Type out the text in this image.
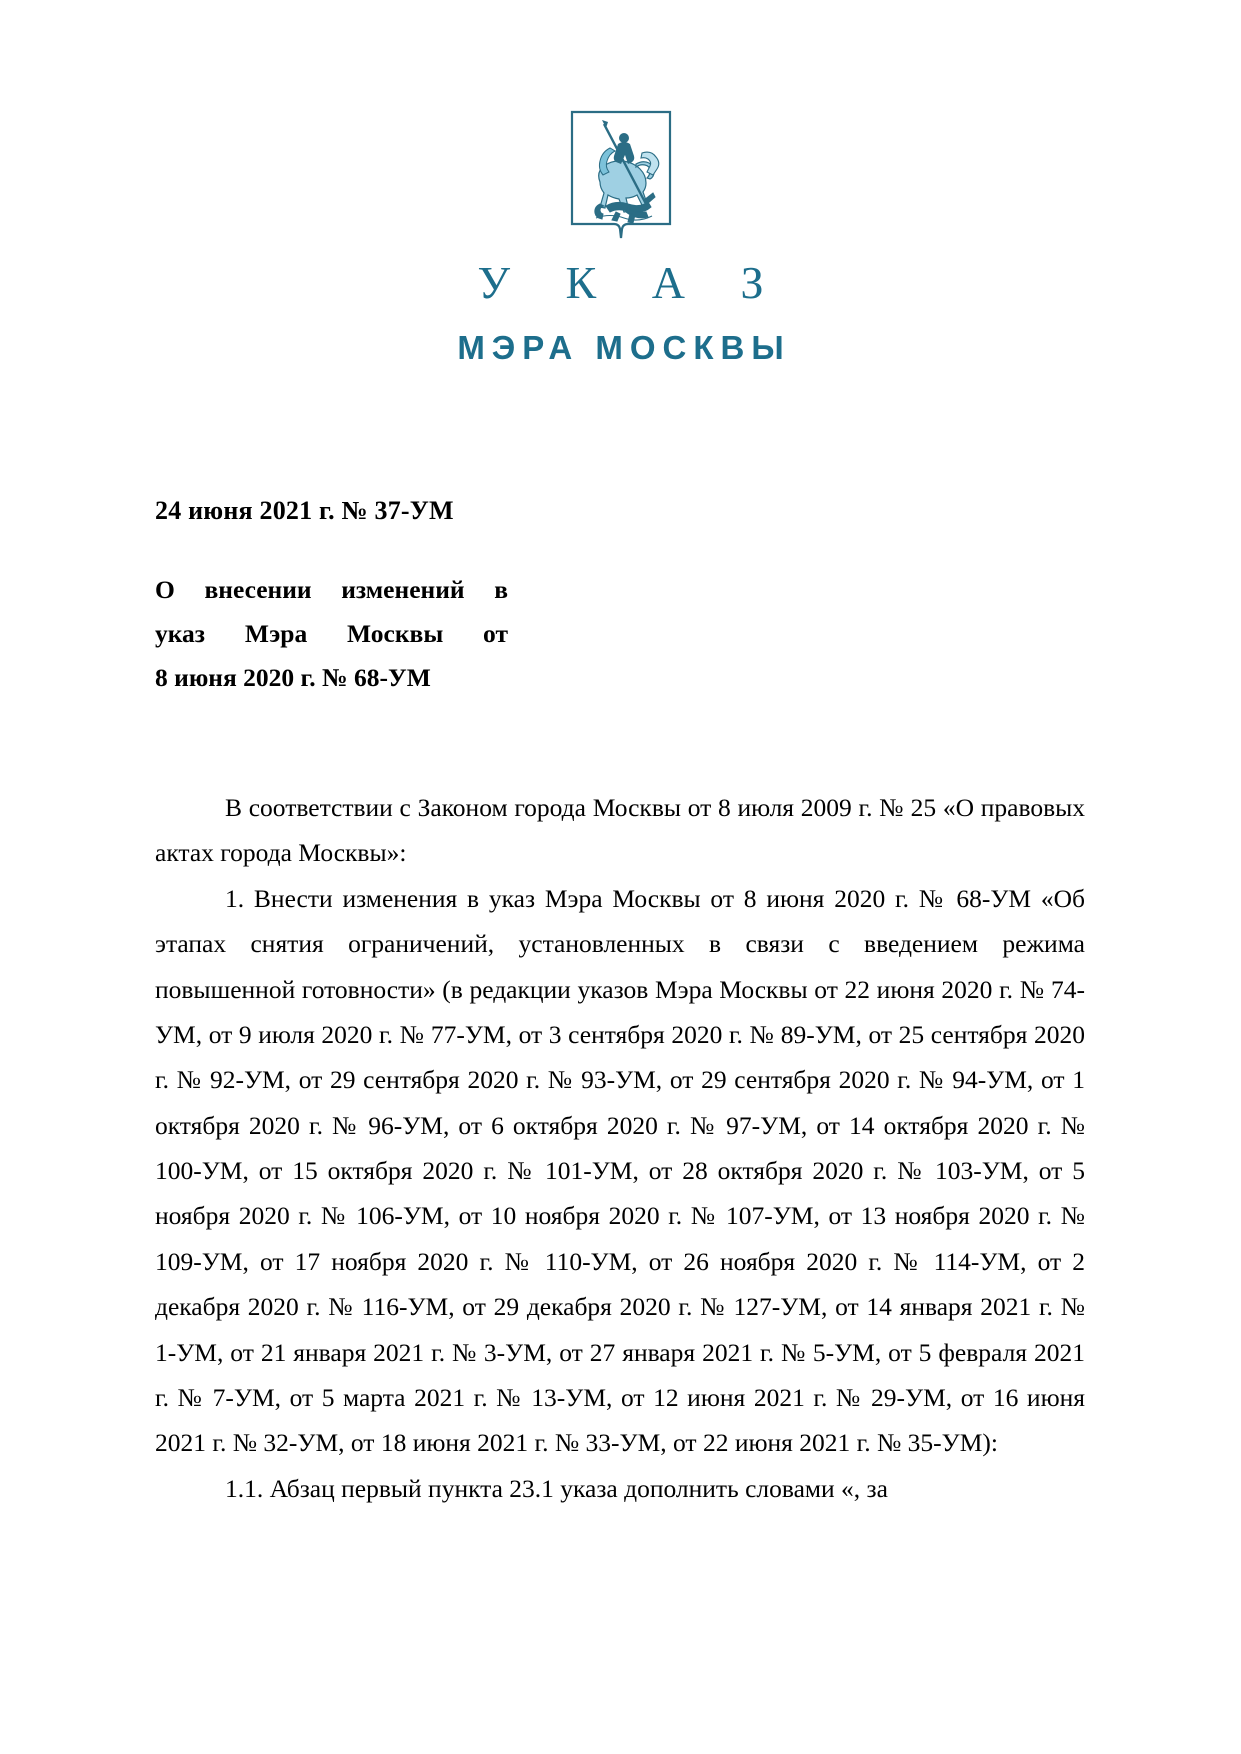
У К А З
МЭРА МОСКВЫ
24 июня 2021 г. № 37-УМ
О внесении изменений в
указ Мэра Москвы от
8 июня 2020 г. № 68-УМ

В соответствии с Законом города Москвы от 8 июля 2009 г. № 25 «О правовых актах города Москвы»:

1. Внести изменения в указ Мэра Москвы от 8 июня 2020 г. № 68-УМ «Об этапах снятия ограничений, установленных в связи с введением режима повышенной готовности» (в редакции указов Мэра Москвы от 22 июня 2020 г. № 74-УМ, от 9 июля 2020 г. № 77-УМ, от 3 сентября 2020 г. № 89-УМ, от 25 сентября 2020 г. № 92-УМ, от 29 сентября 2020 г. № 93-УМ, от 29 сентября 2020 г. № 94-УМ, от 1 октября 2020 г. № 96-УМ, от 6 октября 2020 г. № 97-УМ, от 14 октября 2020 г. № 100-УМ, от 15 октября 2020 г. № 101-УМ, от 28 октября 2020 г. № 103-УМ, от 5 ноября 2020 г. № 106-УМ, от 10 ноября 2020 г. № 107-УМ, от 13 ноября 2020 г. № 109-УМ, от 17 ноября 2020 г. № 110-УМ, от 26 ноября 2020 г. № 114-УМ, от 2 декабря 2020 г. № 116-УМ, от 29 декабря 2020 г. № 127-УМ, от 14 января 2021 г. № 1-УМ, от 21 января 2021 г. № 3-УМ, от 27 января 2021 г. № 5-УМ, от 5 февраля 2021 г. № 7-УМ, от 5 марта 2021 г. № 13-УМ, от 12 июня 2021 г. № 29-УМ, от 16 июня 2021 г. № 32-УМ, от 18 июня 2021 г. № 33-УМ, от 22 июня 2021 г. № 35-УМ):

1.1. Абзац первый пункта 23.1 указа дополнить словами «, за
